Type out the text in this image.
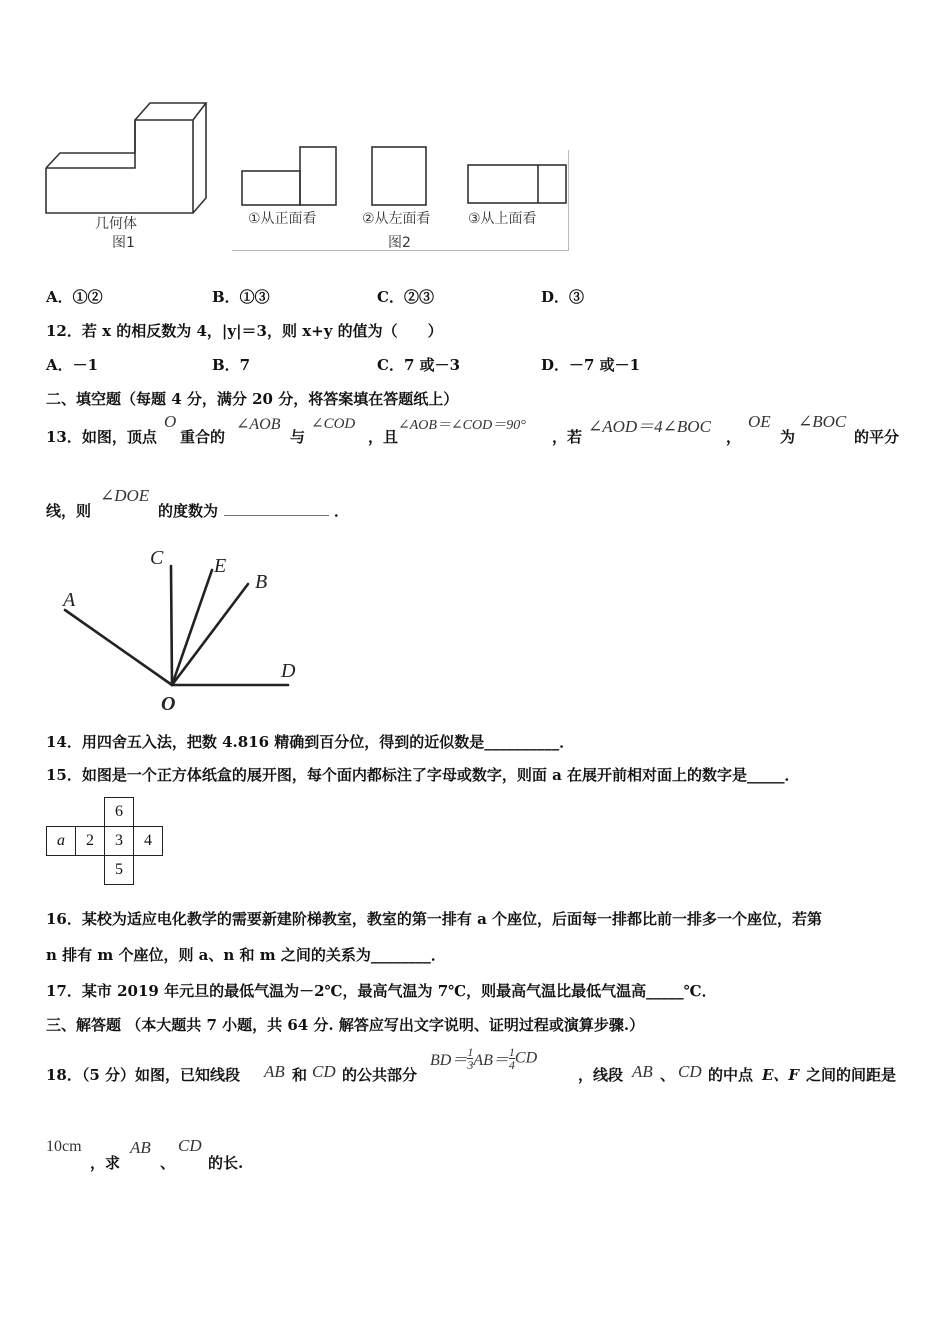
几何体
图1
①从正面看	②从左面看	③从上面看
图2
A．①②	B．①③	C．②③	D．③
12．若 x 的相反数为 4，|y|＝3，则 x+y 的值为（　　）
A．－1	B．7	C．7 或－3	D．－7 或－1
二、填空题（每题 4 分，满分 20 分，将答案填在答题纸上）
13．如图，顶点
O
重合的
∠AOB
与
∠COD
，且
∠AOB＝∠COD＝90°
，若
∠AOD＝4∠BOC
，
OE
为
∠BOC
的平分
线，则
∠DOE
的度数为 ______________ ．
C	E
B
A
D
O
14．用四舍五入法，把数 4.816 精确到百分位，得到的近似数是__________．
15．如图是一个正方体纸盒的展开图，每个面内都标注了字母或数字，则面 a 在展开前相对面上的数字是_____．
		6	
a	2	3	4
		5	
16．某校为适应电化教学的需要新建阶梯教室，教室的第一排有 a 个座位，后面每一排都比前一排多一个座位，若第
n 排有 m 个座位，则 a、n 和 m 之间的关系为________．
17．某市 2019 年元旦的最低气温为－2℃，最高气温为 7℃，则最高气温比最低气温高_____℃．
三、解答题 （本大题共 7 小题，共 64 分. 解答应写出文字说明、证明过程或演算步骤.）
18．（5 分）如图，已知线段 AB 和 CD 的公共部分
$BD= \frac{1}{3} AB= \frac{1}{4}$ CD
，线段 AB 、 CD 的中点 E、F 之间的间距是
10cm
，求
AB
、
CD
的长.
